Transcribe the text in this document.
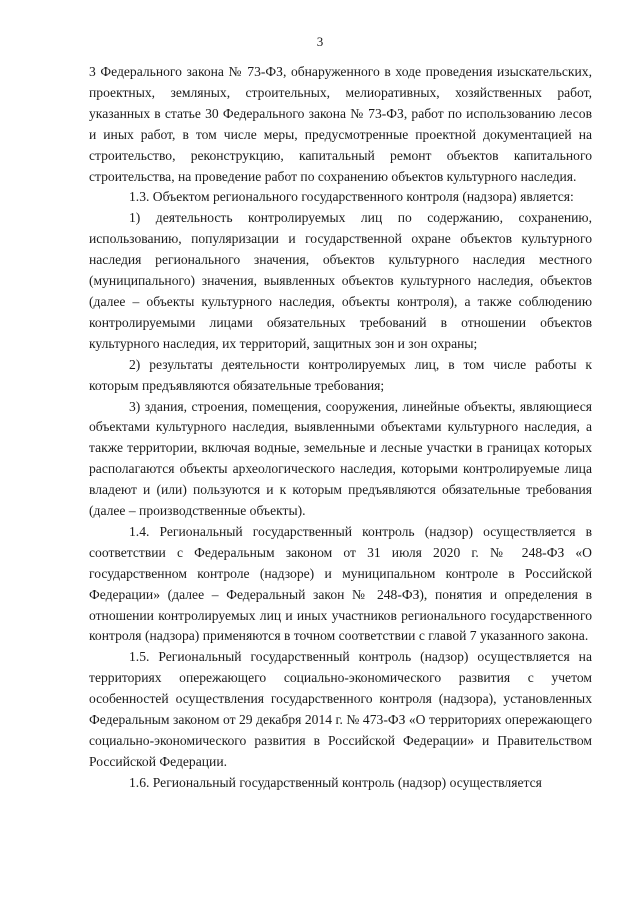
3

3 Федерального закона № 73-ФЗ, обнаруженного в ходе проведения изыскательских, проектных, земляных, строительных, мелиоративных, хозяйственных работ, указанных в статье 30 Федерального закона № 73-ФЗ, работ по использованию лесов и иных работ, в том числе меры, предусмотренные проектной документацией на строительство, реконструкцию, капитальный ремонт объектов капитального строительства, на проведение работ по сохранению объектов культурного наследия.

1.3. Объектом регионального государственного контроля (надзора) является:

1) деятельность контролируемых лиц по содержанию, сохранению, использованию, популяризации и государственной охране объектов культурного наследия регионального значения, объектов культурного наследия местного (муниципального) значения, выявленных объектов культурного наследия, объектов (далее – объекты культурного наследия, объекты контроля), а также соблюдению контролируемыми лицами обязательных требований в отношении объектов культурного наследия, их территорий, защитных зон и зон охраны;

2) результаты деятельности контролируемых лиц, в том числе работы к которым предъявляются обязательные требования;

3) здания, строения, помещения, сооружения, линейные объекты, являющиеся объектами культурного наследия, выявленными объектами культурного наследия, а также территории, включая водные, земельные и лесные участки в границах которых располагаются объекты археологического наследия, которыми контролируемые лица владеют и (или) пользуются и к которым предъявляются обязательные требования (далее – производственные объекты).

1.4. Региональный государственный контроль (надзор) осуществляется в соответствии с Федеральным законом от 31 июля 2020 г. № 248-ФЗ «О государственном контроле (надзоре) и муниципальном контроле в Российской Федерации» (далее – Федеральный закон № 248-ФЗ), понятия и определения в отношении контролируемых лиц и иных участников регионального государственного контроля (надзора) применяются в точном соответствии с главой 7 указанного закона.

1.5. Региональный государственный контроль (надзор) осуществляется на территориях опережающего социально-экономического развития с учетом особенностей осуществления государственного контроля (надзора), установленных Федеральным законом от 29 декабря 2014 г. № 473-ФЗ «О территориях опережающего социально-экономического развития в Российской Федерации» и Правительством Российской Федерации.

1.6. Региональный государственный контроль (надзор) осуществляется
